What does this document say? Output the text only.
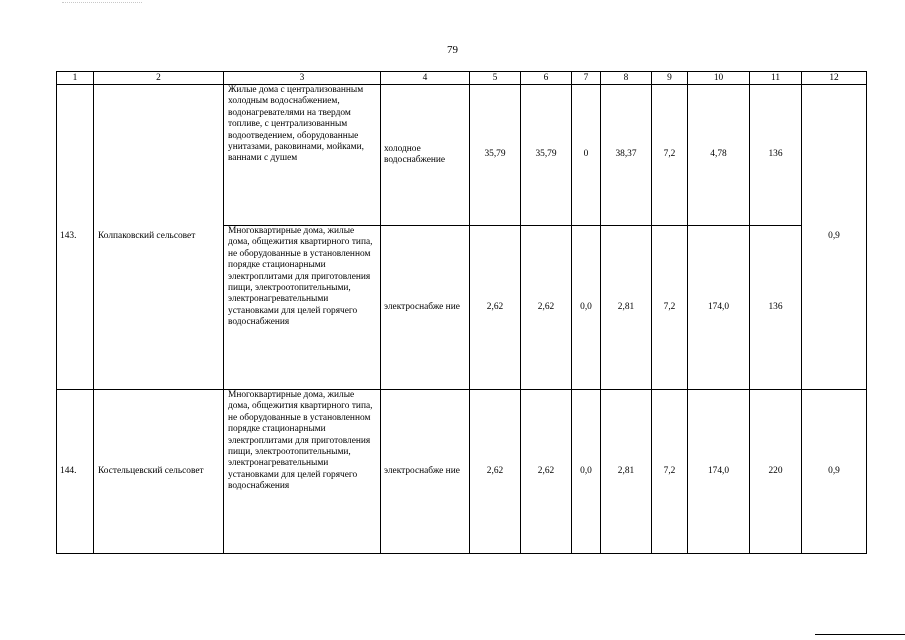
79
1	2	3	4	5	6	7	8	9	10	11	12
143.	Колпаковский сельсовет	Жилые дома с централизованным холодным водоснабжением, водонагревателями на твердом топливе, с централизованным водоотведением, оборудованные унитазами, раковинами, мойками, ваннами с душем	холодное водоснабжение	35,79	35,79	0	38,37	7,2	4,78	136	0,9
		Многоквартирные дома, жилые дома, общежития квартирного типа, не оборудованные в установленном порядке стационарными электроплитами для приготовления пищи, электроотопительными, электронагревательными установками для целей горячего водоснабжения	электроснабже ние	2,62	2,62	0,0	2,81	7,2	174,0	136	
144.	Костельцевский сельсовет	Многоквартирные дома, жилые дома, общежития квартирного типа, не оборудованные в установленном порядке стационарными электроплитами для приготовления пищи, электроотопительными, электронагревательными установками для целей горячего водоснабжения	электроснабже ние	2,62	2,62	0,0	2,81	7,2	174,0	220	0,9
